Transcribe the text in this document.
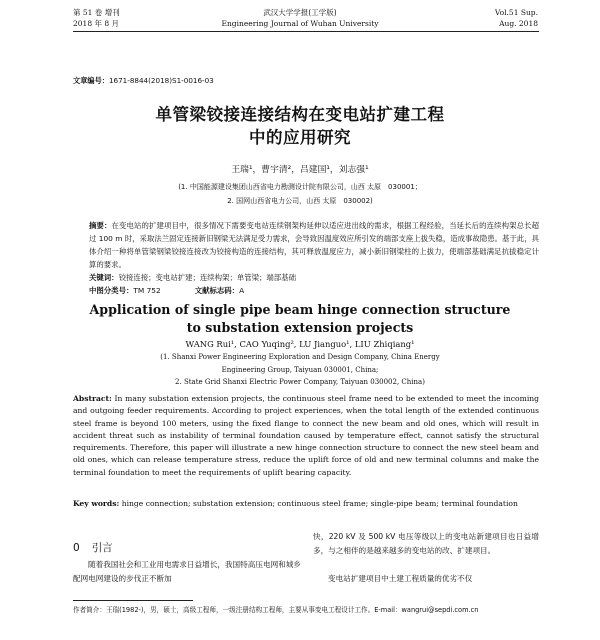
第 51 卷 增刊
2018 年 8 月
武汉大学学报(工学版)
Engineering Journal of Wuhan University
Vol.51 Sup.
Aug. 2018
文章编号：1671-8844(2018)S1-0016-03
单管梁铰接连接结构在变电站扩建工程
中的应用研究
王瑞¹，曹宇清²，吕建国¹，刘志强¹
(1. 中国能源建设集团山西省电力勘测设计院有限公司，山西 太原　030001；
2. 国网山西省电力公司，山西 太原　030002)
摘要：在变电站的扩建项目中，很多情况下需要变电站连续钢架构延伸以适应进出线的需求，根据工程经验，当延长后的连续构架总长超过 100 m 时，采取法兰固定连接新旧钢梁无法满足受力需求，会导致因温度效应所引发的端部支座上拔失稳，造成事故隐患。基于此，具体介绍一种将单管梁钢梁铰接连接改为铰接构造的连接结构，其可释放温度应力，减小新旧钢梁柱的上拔力，使端部基础满足抗拔稳定计算的要求。
关键词：铰接连接；变电站扩建；连续构架；单管梁；端部基础
中图分类号：TM 752	文献标志码：A
Application of single pipe beam hinge connection structure
to substation extension projects
WANG Rui¹, CAO Yuqing², LU Jianguo¹, LIU Zhiqiang¹
(1. Shanxi Power Engineering Exploration and Design Company, China Energy
Engineering Group, Taiyuan 030001, China;
2. State Grid Shanxi Electric Power Company, Taiyuan 030002, China)
Abstract: In many substation extension projects, the continuous steel frame need to be extended to meet the incoming and outgoing feeder requirements. According to project experiences, when the total length of the extended continuous steel frame is beyond 100 meters, using the fixed flange to connect the new beam and old ones, which will result in accident threat such as instability of terminal foundation caused by temperature effect, cannot satisfy the structural requirements. Therefore, this paper will illustrate a new hinge connection structure to connect the new steel beam and old ones, which can release temperature stress, reduce the uplift force of old and new terminal columns and make the terminal foundation to meet the requirements of uplift bearing capacity.
Key words: hinge connection; substation extension; continuous steel frame; single-pipe beam; terminal foundation
0 引言
随着我国社会和工业用电需求日益增长，我国特高压电网和城乡配网电网建设的步伐正不断加
快，220 kV 及 500 kV 电压等级以上的变电站新建项目也日益增多，与之相伴的是越来越多的变电站的改、扩建项目。
变电站扩建项目中土建工程质量的优劣不仅
作者简介：王瑞(1982-)，男，硕士，高级工程师，一级注册结构工程师，主要从事变电工程设计工作。E-mail：wangrui@sepdi.com.cn
